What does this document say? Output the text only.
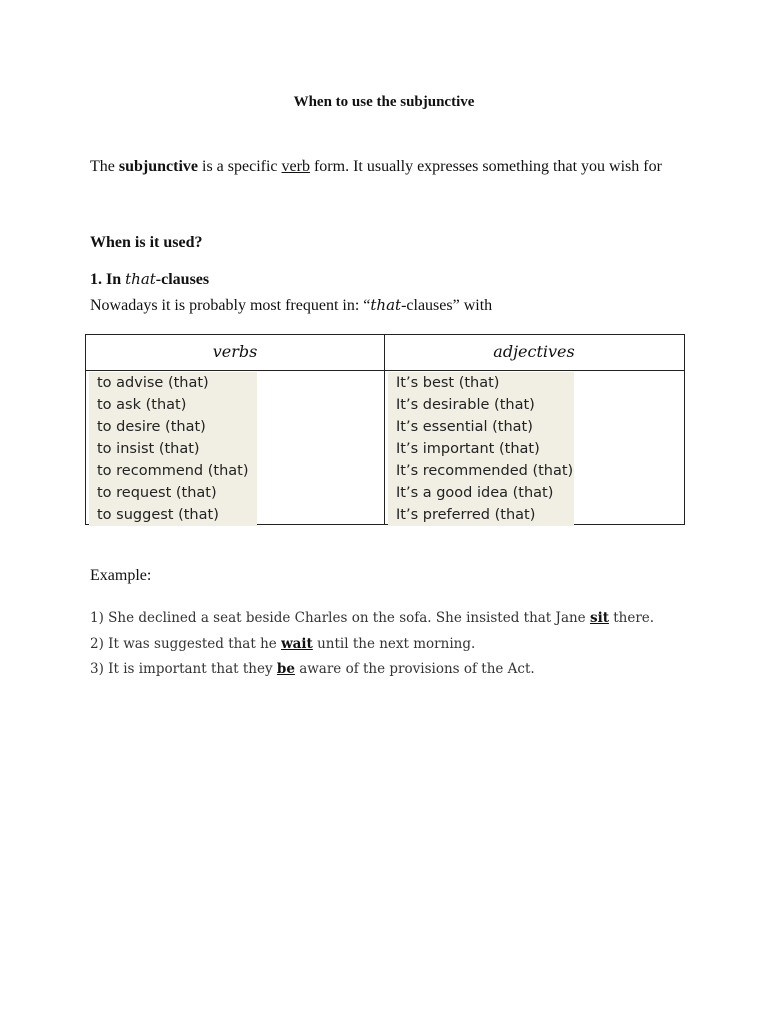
When to use the subjunctive
The subjunctive is a specific verb form. It usually expresses something that you wish for
When is it used?
1. In that-clauses
Nowadays it is probably most frequent in: “that-clauses” with
verbs	adjectives
to advise (that)
to ask (that)
to desire (that)
to insist (that)
to recommend (that)
to request (that)
to suggest (that)
It’s best (that)
It’s desirable (that)
It’s essential (that)
It’s important (that)
It’s recommended (that)
It’s a good idea (that)
It’s preferred (that)
Example:
1) She declined a seat beside Charles on the sofa. She insisted that Jane sit there.
2) It was suggested that he wait until the next morning.
3) It is important that they be aware of the provisions of the Act.
